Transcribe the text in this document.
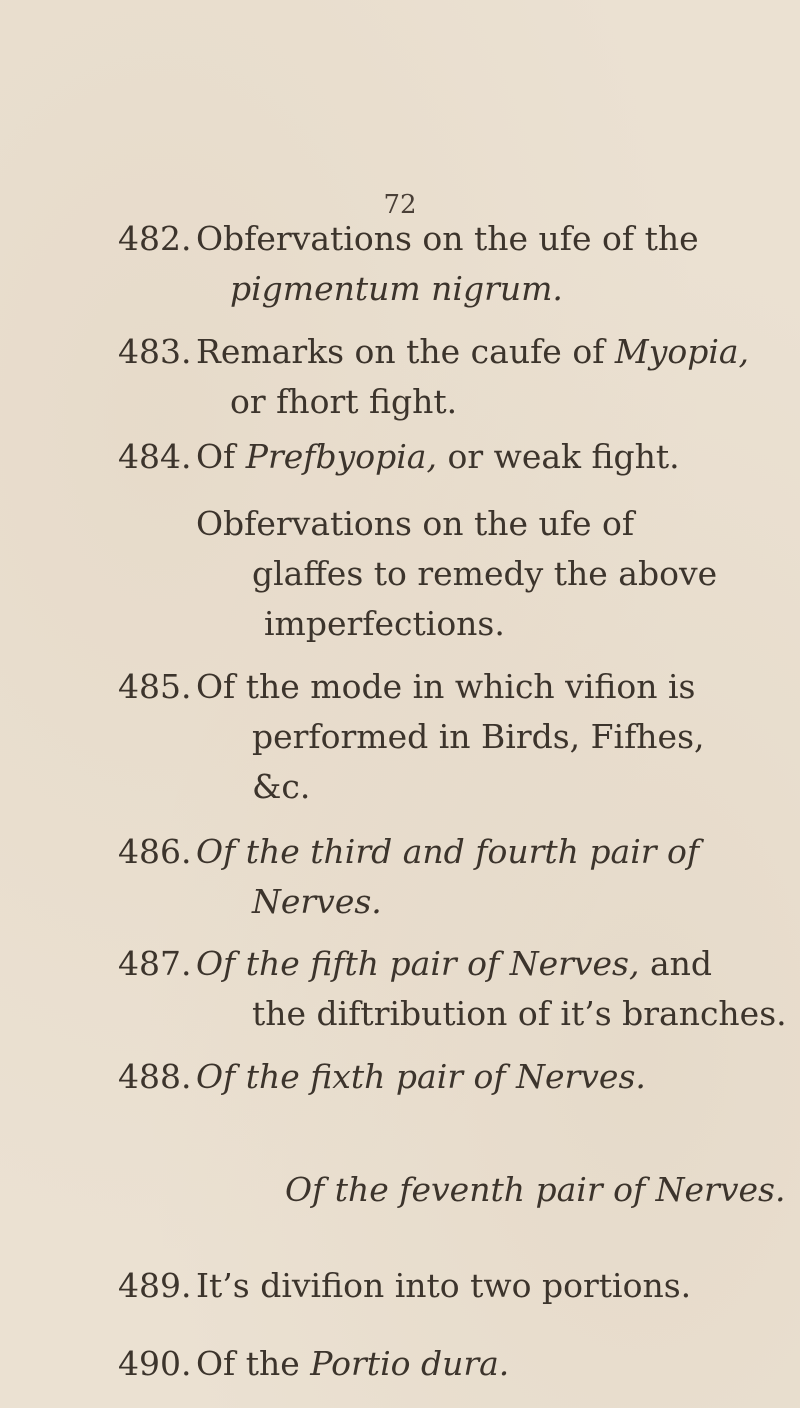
72
482. Obfervations on the ufe of the
pigmentum nigrum.
483. Remarks on the caufe of Myopia,
or fhort fight.
484. Of Prefbyopia, or weak fight.
Obfervations on the ufe of
glaffes to remedy the above
imperfections.
485. Of the mode in which vifion is
performed in Birds, Fifhes,
&c.
486. Of the third and fourth pair of
Nerves.
487. Of the fifth pair of Nerves, and
the diftribution of it’s branches.
488. Of the fixth pair of Nerves.
Of the feventh pair of Nerves.
489. It’s divifion into two portions.
490. Of the Portio dura.
